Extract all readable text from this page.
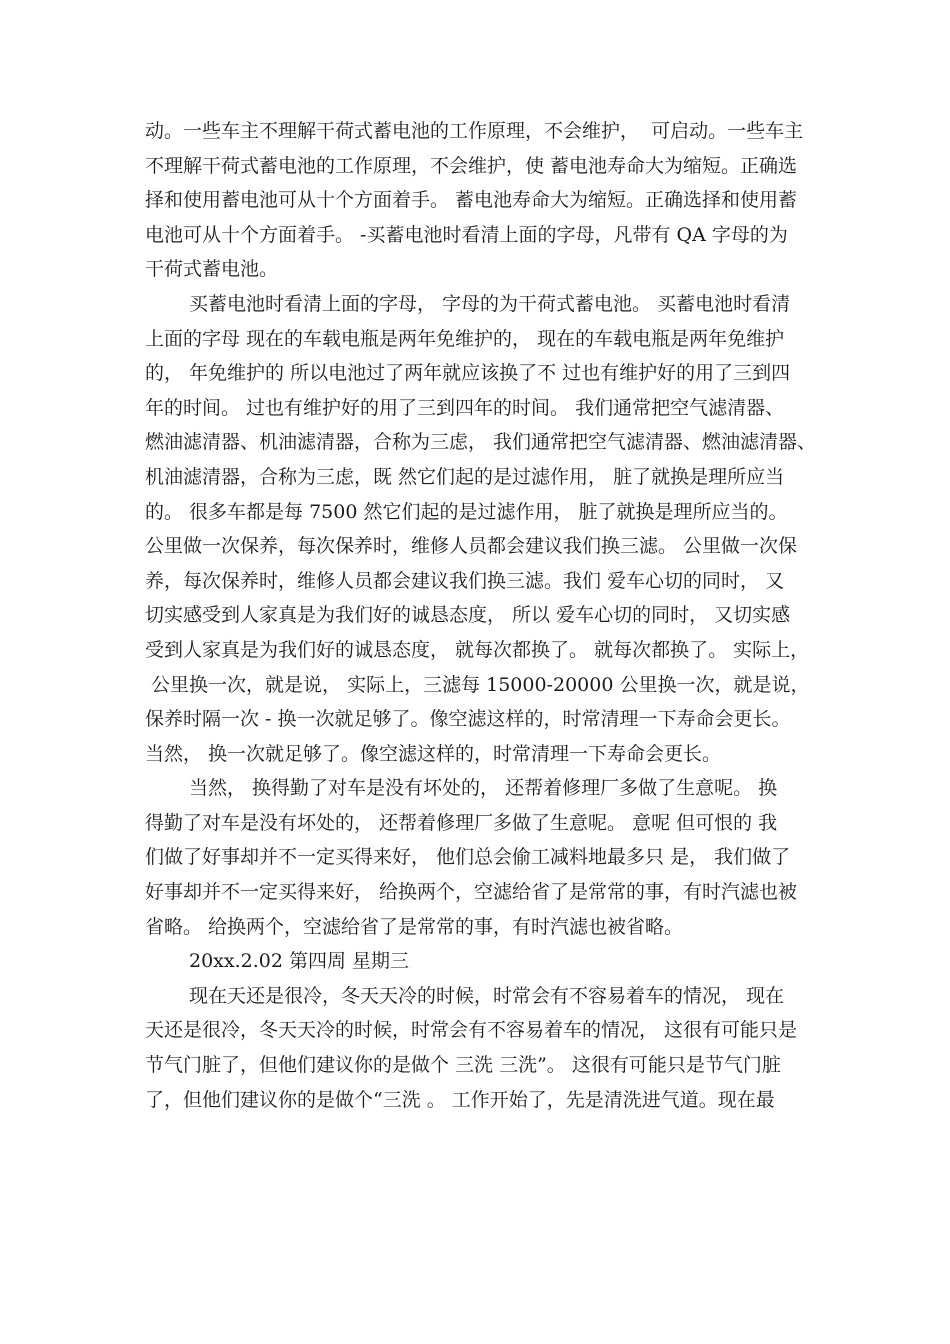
动。一些车主不理解干荷式蓄电池的工作原理，不会维护，  可启动。一些车主
不理解干荷式蓄电池的工作原理，不会维护，使 蓄电池寿命大为缩短。正确选
择和使用蓄电池可从十个方面着手。 蓄电池寿命大为缩短。正确选择和使用蓄
电池可从十个方面着手。 -买蓄电池时看清上面的字母，凡带有 QA 字母的为
干荷式蓄电池。
买蓄电池时看清上面的字母， 字母的为干荷式蓄电池。 买蓄电池时看清
上面的字母 现在的车载电瓶是两年免维护的， 现在的车载电瓶是两年免维护
的， 年免维护的 所以电池过了两年就应该换了不 过也有维护好的用了三到四
年的时间。 过也有维护好的用了三到四年的时间。 我们通常把空气滤清器、
燃油滤清器、机油滤清器，合称为三虑， 我们通常把空气滤清器、燃油滤清器、
机油滤清器，合称为三虑，既 然它们起的是过滤作用， 脏了就换是理所应当
的。 很多车都是每 7500 然它们起的是过滤作用， 脏了就换是理所应当的。
公里做一次保养，每次保养时，维修人员都会建议我们换三滤。 公里做一次保
养，每次保养时，维修人员都会建议我们换三滤。我们 爱车心切的同时， 又
切实感受到人家真是为我们好的诚恳态度， 所以 爱车心切的同时， 又切实感
受到人家真是为我们好的诚恳态度， 就每次都换了。 就每次都换了。 实际上，
公里换一次，就是说， 实际上，三滤每 15000-20000 公里换一次，就是说，
保养时隔一次 - 换一次就足够了。像空滤这样的，时常清理一下寿命会更长。
当然， 换一次就足够了。像空滤这样的，时常清理一下寿命会更长。
当然， 换得勤了对车是没有坏处的， 还帮着修理厂多做了生意呢。 换
得勤了对车是没有坏处的， 还帮着修理厂多做了生意呢。 意呢 但可恨的 我
们做了好事却并不一定买得来好， 他们总会偷工减料地最多只 是， 我们做了
好事却并不一定买得来好， 给换两个，空滤给省了是常常的事，有时汽滤也被
省略。 给换两个，空滤给省了是常常的事，有时汽滤也被省略。
20xx.2.02 第四周 星期三
现在天还是很冷，冬天天冷的时候，时常会有不容易着车的情况， 现在
天还是很冷，冬天天冷的时候，时常会有不容易着车的情况， 这很有可能只是
节气门脏了，但他们建议你的是做个 三洗 三洗”。 这很有可能只是节气门脏
了，但他们建议你的是做个“三洗 。 工作开始了，先是清洗进气道。现在最
